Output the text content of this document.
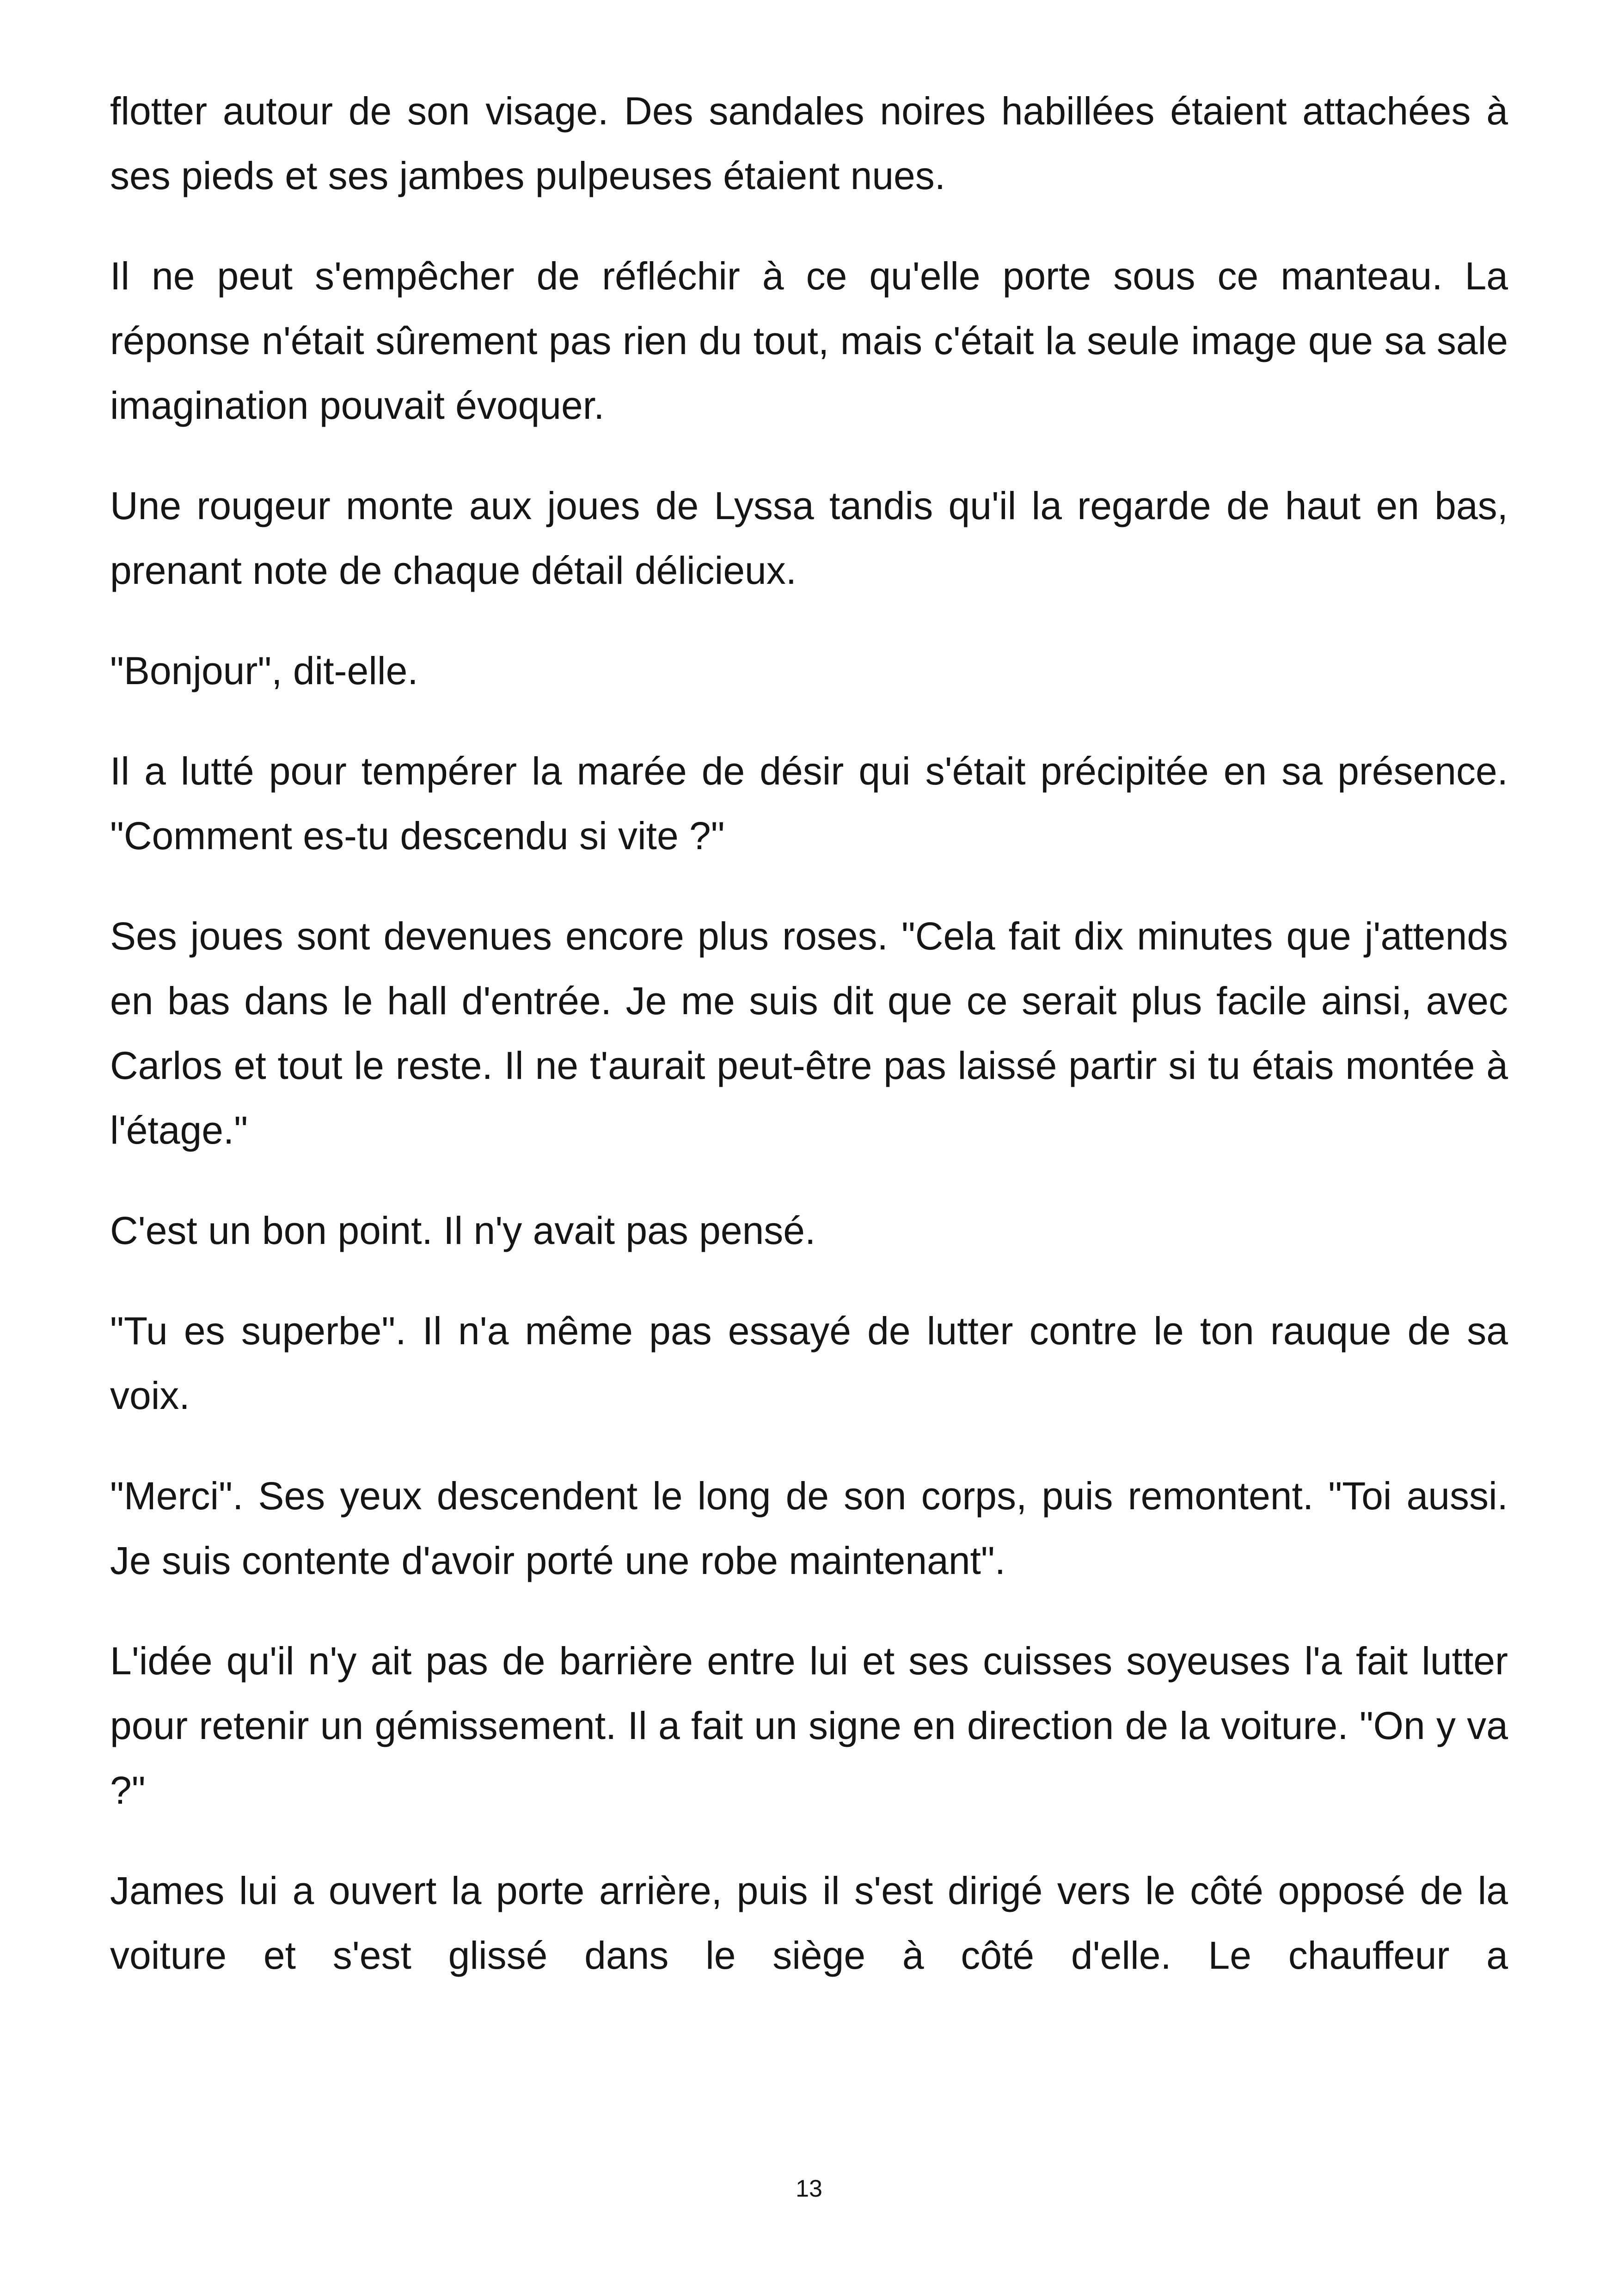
flotter autour de son visage. Des sandales noires habillées étaient attachées à ses pieds et ses jambes pulpeuses étaient nues.

Il ne peut s'empêcher de réfléchir à ce qu'elle porte sous ce manteau. La réponse n'était sûrement pas rien du tout, mais c'était la seule image que sa sale imagination pouvait évoquer.

Une rougeur monte aux joues de Lyssa tandis qu'il la regarde de haut en bas, prenant note de chaque détail délicieux.

"Bonjour", dit-elle.

Il a lutté pour tempérer la marée de désir qui s'était précipitée en sa présence. "Comment es-tu descendu si vite ?"

Ses joues sont devenues encore plus roses. "Cela fait dix minutes que j'attends en bas dans le hall d'entrée. Je me suis dit que ce serait plus facile ainsi, avec Carlos et tout le reste. Il ne t'aurait peut-être pas laissé partir si tu étais montée à l'étage."

C'est un bon point. Il n'y avait pas pensé.

"Tu es superbe". Il n'a même pas essayé de lutter contre le ton rauque de sa voix.

"Merci". Ses yeux descendent le long de son corps, puis remontent. "Toi aussi. Je suis contente d'avoir porté une robe maintenant".

L'idée qu'il n'y ait pas de barrière entre lui et ses cuisses soyeuses l'a fait lutter pour retenir un gémissement. Il a fait un signe en direction de la voiture. "On y va ?"

James lui a ouvert la porte arrière, puis il s'est dirigé vers le côté opposé de la voiture et s'est glissé dans le siège à côté d'elle. Le chauffeur a

13
